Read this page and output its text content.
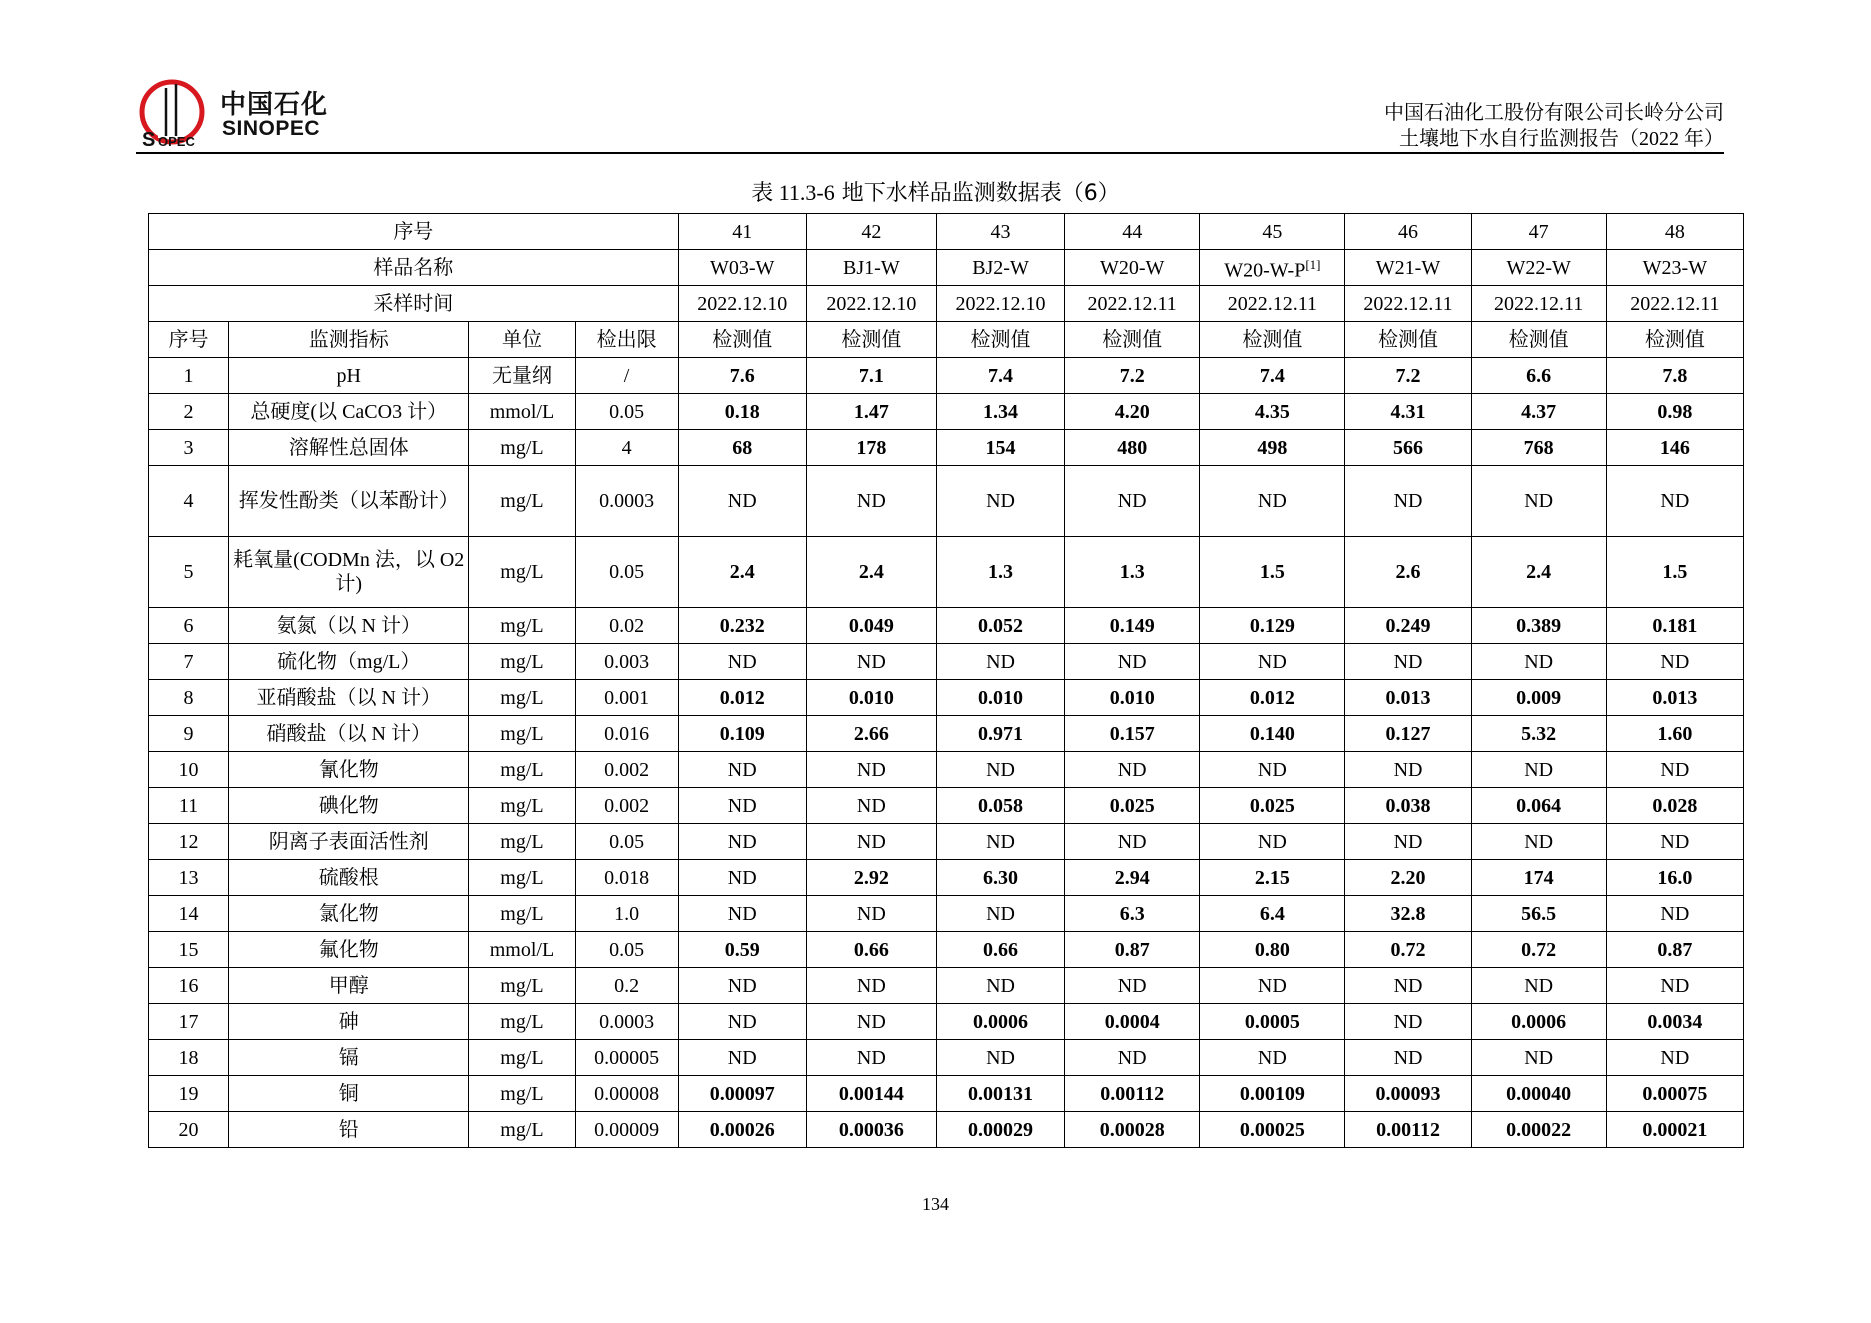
S OPEC
中国石化
SINOPEC
中国石油化工股份有限公司长岭分公司
土壤地下水自行监测报告（2022 年）
表 11.3-6 地下水样品监测数据表（6）
序号				41	42	43	44	45	46	47	48
样品名称				W03-W	BJ1-W	BJ2-W	W20-W	W20-W-P[1]	W21-W	W22-W	W23-W
采样时间				2022.12.10	2022.12.10	2022.12.10	2022.12.11	2022.12.11	2022.12.11	2022.12.11	2022.12.11
序号	监测指标	单位	检出限	检测值	检测值	检测值	检测值	检测值	检测值	检测值	检测值
1	pH	无量纲	/	7.6	7.1	7.4	7.2	7.4	7.2	6.6	7.8
2	总硬度(以 CaCO3 计）	mmol/L	0.05	0.18	1.47	1.34	4.20	4.35	4.31	4.37	0.98
3	溶解性总固体	mg/L	4	68	178	154	480	498	566	768	146
4	挥发性酚类（以苯酚计）	mg/L	0.0003	ND	ND	ND	ND	ND	ND	ND	ND
5	耗氧量(CODMn 法，以 O2 计)	mg/L	0.05	2.4	2.4	1.3	1.3	1.5	2.6	2.4	1.5
6	氨氮（以 N 计）	mg/L	0.02	0.232	0.049	0.052	0.149	0.129	0.249	0.389	0.181
7	硫化物（mg/L）	mg/L	0.003	ND	ND	ND	ND	ND	ND	ND	ND
8	亚硝酸盐（以 N 计）	mg/L	0.001	0.012	0.010	0.010	0.010	0.012	0.013	0.009	0.013
9	硝酸盐（以 N 计）	mg/L	0.016	0.109	2.66	0.971	0.157	0.140	0.127	5.32	1.60
10	氰化物	mg/L	0.002	ND	ND	ND	ND	ND	ND	ND	ND
11	碘化物	mg/L	0.002	ND	ND	0.058	0.025	0.025	0.038	0.064	0.028
12	阴离子表面活性剂	mg/L	0.05	ND	ND	ND	ND	ND	ND	ND	ND
13	硫酸根	mg/L	0.018	ND	2.92	6.30	2.94	2.15	2.20	174	16.0
14	氯化物	mg/L	1.0	ND	ND	ND	6.3	6.4	32.8	56.5	ND
15	氟化物	mmol/L	0.05	0.59	0.66	0.66	0.87	0.80	0.72	0.72	0.87
16	甲醇	mg/L	0.2	ND	ND	ND	ND	ND	ND	ND	ND
17	砷	mg/L	0.0003	ND	ND	0.0006	0.0004	0.0005	ND	0.0006	0.0034
18	镉	mg/L	0.00005	ND	ND	ND	ND	ND	ND	ND	ND
19	铜	mg/L	0.00008	0.00097	0.00144	0.00131	0.00112	0.00109	0.00093	0.00040	0.00075
20	铅	mg/L	0.00009	0.00026	0.00036	0.00029	0.00028	0.00025	0.00112	0.00022	0.00021
134
